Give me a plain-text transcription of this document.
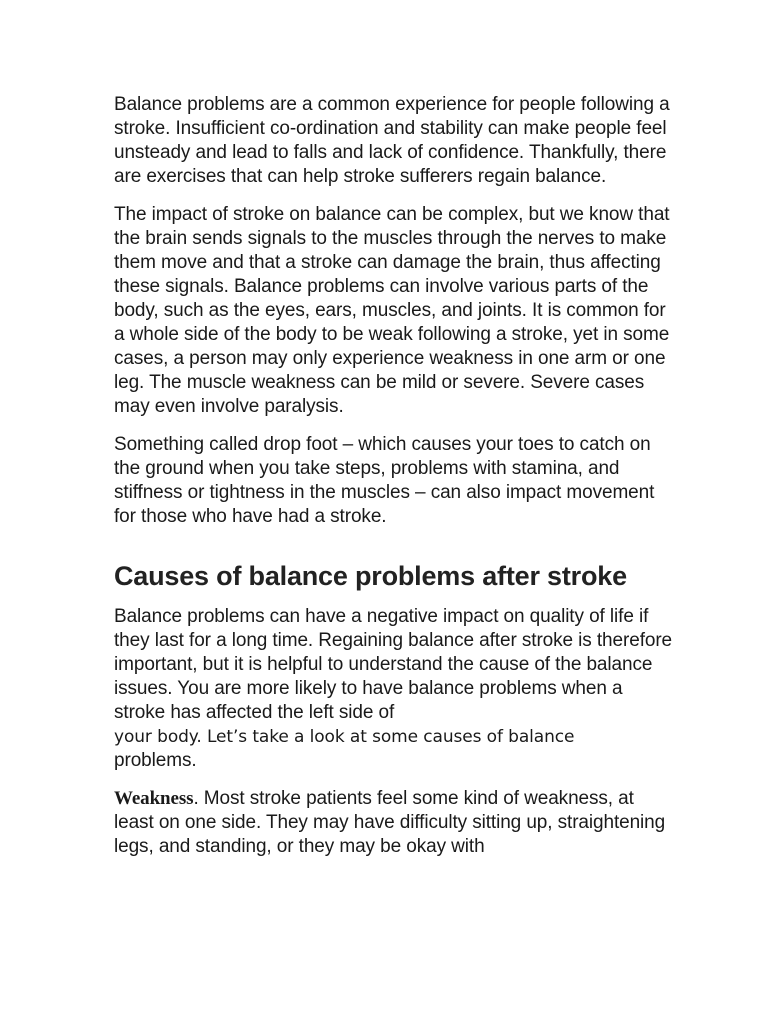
Balance problems are a common experience for people following a stroke. Insufficient co-ordination and stability can make people feel unsteady and lead to falls and lack of confidence. Thankfully, there are exercises that can help stroke sufferers regain balance.

The impact of stroke on balance can be complex, but we know that the brain sends signals to the muscles through the nerves to make them move and that a stroke can damage the brain, thus affecting these signals. Balance problems can involve various parts of the body, such as the eyes, ears, muscles, and joints. It is common for a whole side of the body to be weak following a stroke, yet in some cases, a person may only experience weakness in one arm or one leg. The muscle weakness can be mild or severe. Severe cases may even involve paralysis.

Something called drop foot – which causes your toes to catch on the ground when you take steps, problems with stamina, and stiffness or tightness in the muscles – can also impact movement for those who have had a stroke.

Causes of balance problems after stroke

Balance problems can have a negative impact on quality of life if they last for a long time. Regaining balance after stroke is therefore important, but it is helpful to understand the cause of the balance issues. You are more likely to have balance problems when a stroke has affected the left side of
your body. Let’s take a look at some causes of balance
problems.

Weakness. Most stroke patients feel some kind of weakness, at least on one side. They may have difficulty sitting up, straightening legs, and standing, or they may be okay with
